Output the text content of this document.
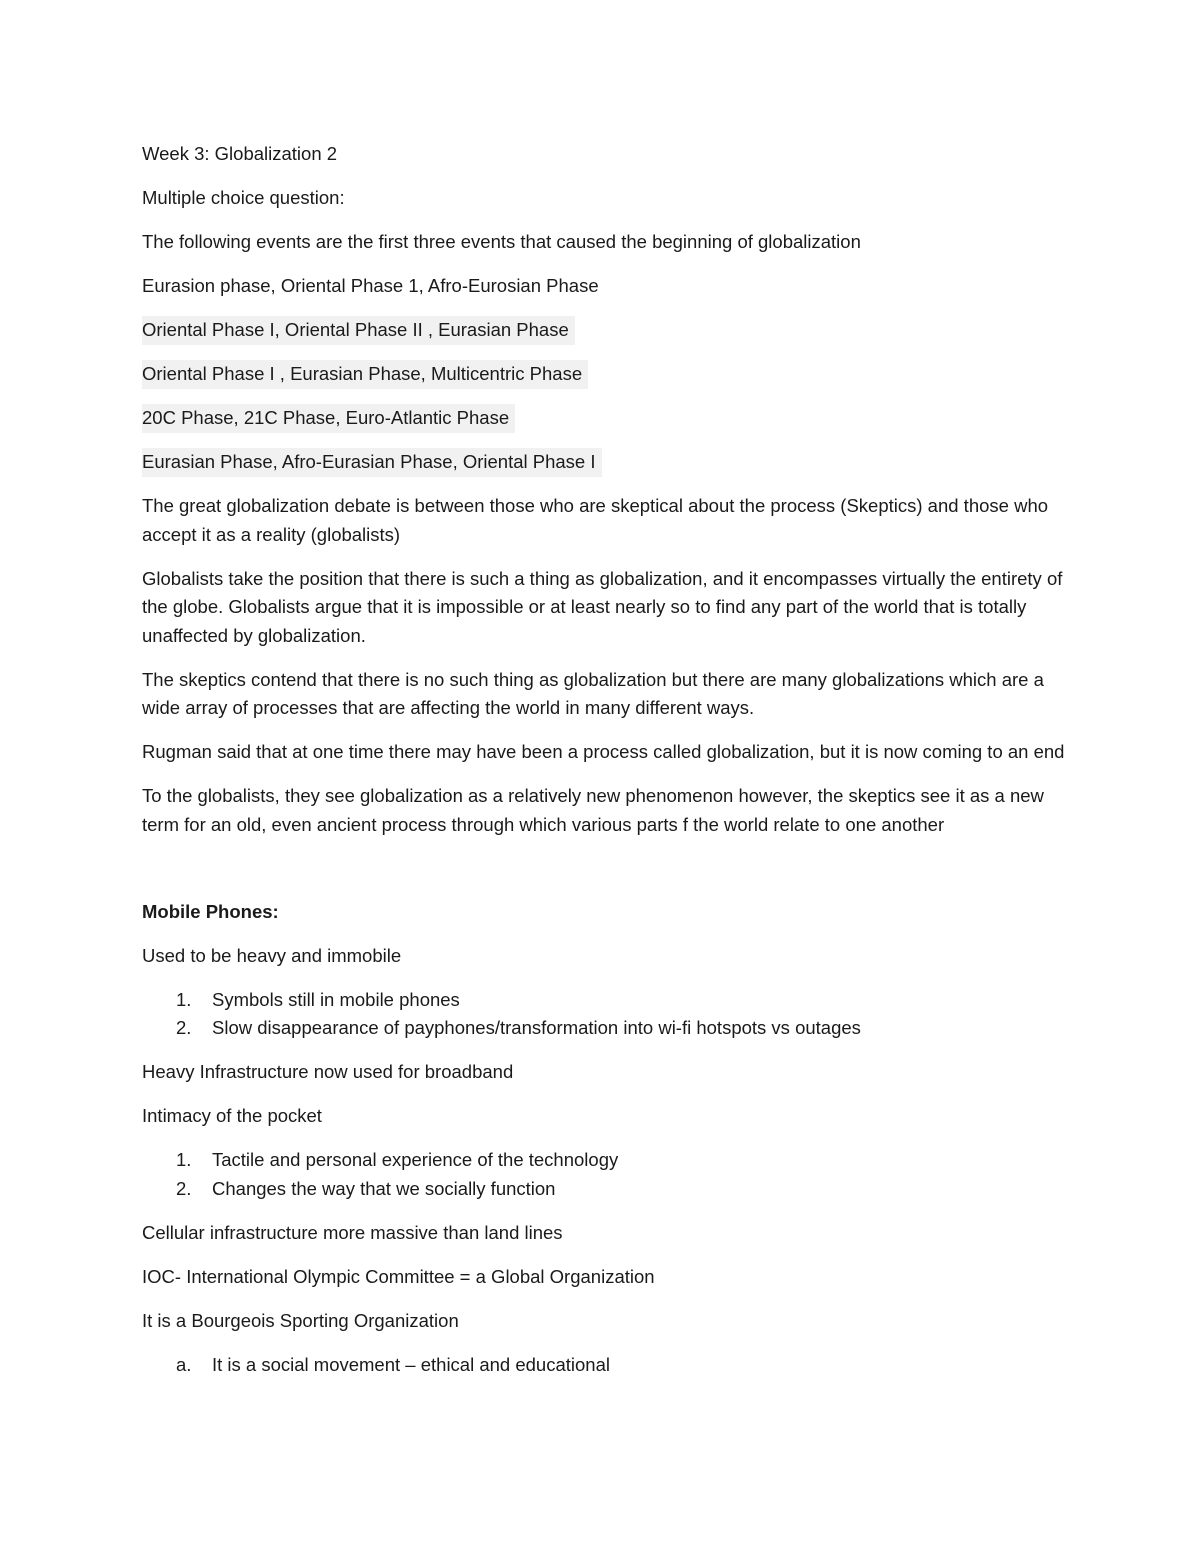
Week 3: Globalization 2

Multiple choice question:

The following events are the first three events that caused the beginning of globalization

Eurasion phase, Oriental Phase 1, Afro-Eurosian Phase

Oriental Phase I, Oriental Phase II , Eurasian Phase

Oriental Phase I , Eurasian Phase, Multicentric Phase

20C Phase, 21C Phase, Euro-Atlantic Phase

Eurasian Phase, Afro-Eurasian Phase, Oriental Phase I

The great globalization debate is between those who are skeptical about the process (Skeptics) and those who accept it as a reality (globalists)

Globalists take the position that there is such a thing as globalization, and it encompasses virtually the entirety of the globe. Globalists argue that it is impossible or at least nearly so to find any part of the world that is totally unaffected by globalization.

The skeptics contend that there is no such thing as globalization but there are many globalizations which are a wide array of processes that are affecting the world in many different ways.

Rugman said that at one time there may have been a process called globalization, but it is now coming to an end

To the globalists, they see globalization as a relatively new phenomenon however, the skeptics see it as a new term for an old, even ancient process through which various parts f the world relate to one another

Mobile Phones:

Used to be heavy and immobile

1. Symbols still in mobile phones
2. Slow disappearance of payphones/transformation into wi-fi hotspots vs outages

Heavy Infrastructure now used for broadband

Intimacy of the pocket

1. Tactile and personal experience of the technology
2. Changes the way that we socially function

Cellular infrastructure more massive than land lines

IOC- International Olympic Committee = a Global Organization

It is a Bourgeois Sporting Organization

a. It is a social movement – ethical and educational
